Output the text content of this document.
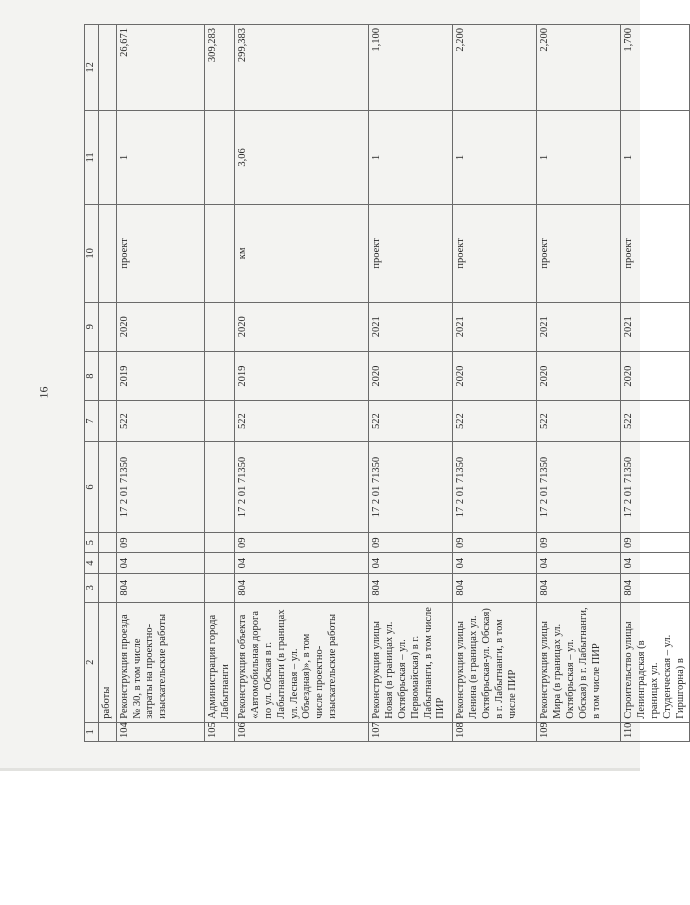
16
1	2	3	4	5	6	7	8	9	10	11	12
	работы										
104	Реконструкция проезда № 30, в том числе затраты на проектно-изыскательские работы	804	04	09	17 2 01 71350	522	2019	2020	проект	1	26,671
105	Администрация города Лабытнанги										309,283
106	Реконструкция объекта «Автомобильная дорога по ул. Обская в г. Лабытнанги (в границах ул. Лесная – ул. Объездная)», в том числе проектно-изыскательские работы	804	04	09	17 2 01 71350	522	2019	2020	км	3,06	299,383
107	Реконструкция улицы Новая (в границах ул. Октябрьская – ул. Первомайская) в г. Лабытнанги, в том числе ПИР	804	04	09	17 2 01 71350	522	2020	2021	проект	1	1,100
108	Реконструкция улицы Ленина (в границах ул. Октябрьская-ул. Обская) в г. Лабытнанги, в том числе ПИР	804	04	09	17 2 01 71350	522	2020	2021	проект	1	2,200
109	Реконструкция улицы Мира (в границах ул. Октябрьская – ул. Обская) в г. Лабытнанги, в том числе ПИР	804	04	09	17 2 01 71350	522	2020	2021	проект	1	2,200
110	Строительство улицы Ленинградская (в границах ул. Студенческая – ул. Гиршгорна) в	804	04	09	17 2 01 71350	522	2020	2021	проект	1	1,700
